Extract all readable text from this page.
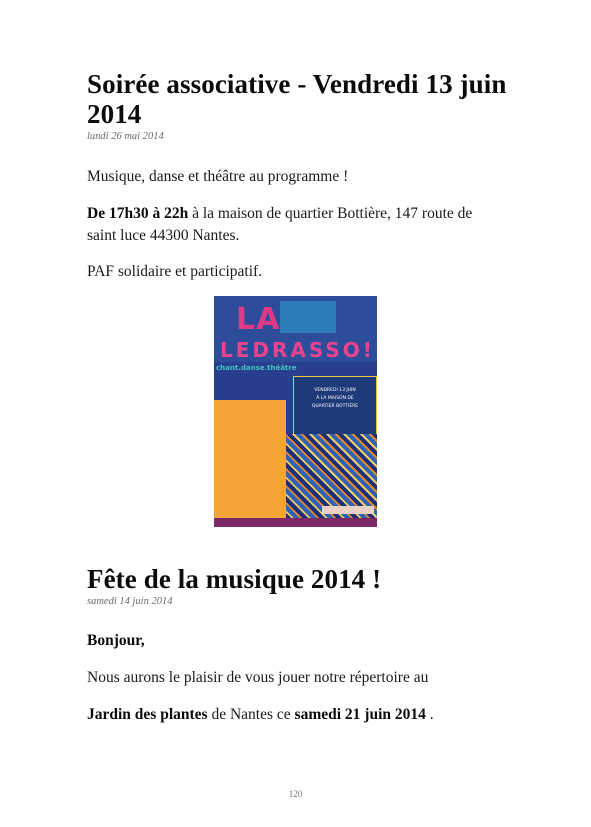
Soirée associative - Vendredi 13 juin
2014
lundi 26 mai 2014

Musique, danse et théâtre au programme !

De 17h30 à 22h à la maison de quartier Bottière, 147 route de
saint luce 44300 Nantes.

PAF solidaire et participatif.

LA
LEDRASSO!
chant.danse.théâtre

VENDREDI 13 JUIN
À LA MAISON DE
QUARTIER BOTTIÈRE
Fête de la musique 2014 !
samedi 14 juin 2014

Bonjour,

Nous aurons le plaisir de vous jouer notre répertoire au

Jardin des plantes de Nantes ce samedi 21 juin 2014 .

120
